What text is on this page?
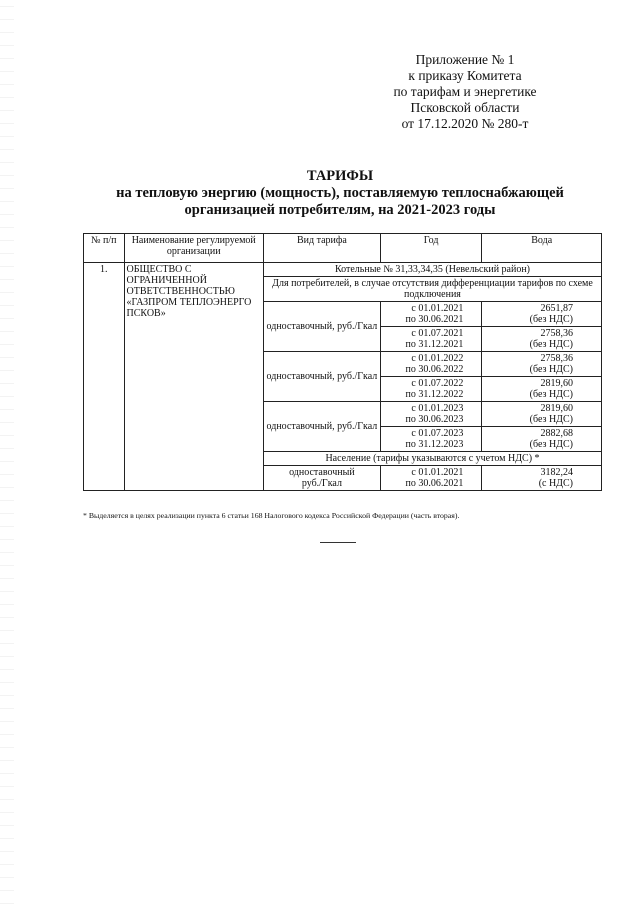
Приложение № 1
к приказу Комитета
по тарифам и энергетике
Псковской области
от 17.12.2020 № 280-т
ТАРИФЫ
на тепловую энергию (мощность), поставляемую теплоснабжающей
организацией потребителям, на 2021-2023 годы
№ п/п	Наименование регулируемой организации	Вид тарифа	Год	Вода
1.	ОБЩЕСТВО С ОГРАНИЧЕННОЙ ОТВЕТСТВЕННОСТЬЮ «ГАЗПРОМ ТЕПЛОЭНЕРГО ПСКОВ»	Котельные № 31,33,34,35 (Невельский район)		
		Для потребителей, в случае отсутствия дифференциации тарифов по схеме подключения		
		одноставочный, руб./Гкал	с 01.01.2021
по 30.06.2021	2651,87
(без НДС)
			с 01.07.2021
по 31.12.2021	2758,36
(без НДС)
		одноставочный, руб./Гкал	с 01.01.2022
по 30.06.2022	2758,36
(без НДС)
			с 01.07.2022
по 31.12.2022	2819,60
(без НДС)
		одноставочный, руб./Гкал	с 01.01.2023
по 30.06.2023	2819,60
(без НДС)
			с 01.07.2023
по 31.12.2023	2882,68
(без НДС)
		Население (тарифы указываются с учетом НДС) *		
		одноставочный
руб./Гкал	с 01.01.2021
по 30.06.2021	3182,24
(с НДС)
* Выделяется в целях реализации пункта 6 статьи 168 Налогового кодекса Российской Федерации (часть вторая).
